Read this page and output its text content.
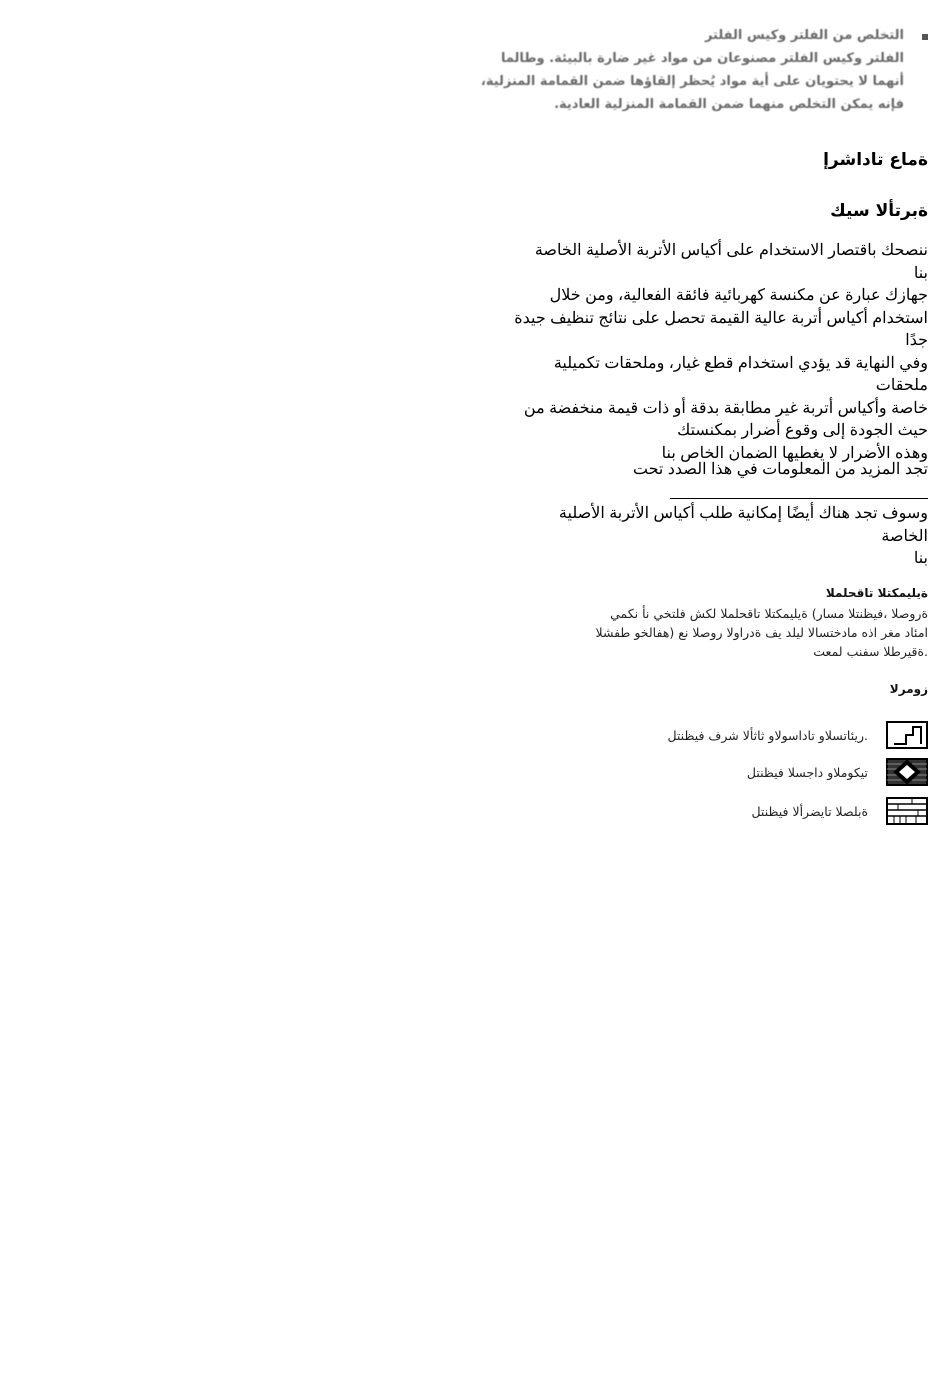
التخلص من الفلتر وكيس الفلتر
الفلتر وكيس الفلتر مصنوعان من مواد غير ضارة بالبيئة. وطالما
أنهما لا يحتويان على أية مواد يُحظر إلقاؤها ضمن القمامة المنزلية،
فإنه يمكن التخلص منهما ضمن القمامة المنزلية العادية.
ةماع تاداشرإ
ةبرتألا سيك

ننصحك باقتصار الاستخدام على أكياس الأتربة الأصلية الخاصة

بنا

جهازك عبارة عن مكنسة كهربائية فائقة الفعالية، ومن خلال

استخدام أكياس أتربة عالية القيمة تحصل على نتائج تنظيف جيدة

جدًا

وفي النهاية قد يؤدي استخدام قطع غيار، وملحقات تكميلية ملحقات

خاصة وأكياس أتربة غير مطابقة بدقة أو ذات قيمة منخفضة من

حيث الجودة إلى وقوع أضرار بمكنستك

وهذه الأضرار لا يغطيها الضمان الخاص بنا

تجد المزيد من المعلومات في هذا الصدد تحت

وسوف تجد هناك أيضًا إمكانية طلب أكياس الأتربة الأصلية الخاصة

بنا

ةيليمكتلا تاقحلملا
ةروصلا ،فيظنتلا مسار) ةيليمكتلا تاقحلملا لكش فلتخي نأ نكمي
امئاد مغر اذه مادختسالا ليلد يف ةدراولا روصلا نع (هفالخو طفشلا
.ةقيرطلا سفنب لمعت
زومرلا
.ريئاتسلاو تاداسولاو ثاثألا شرف فيظنتل
تيكوملاو داجسلا فيظنتل
ةبلصلا تايضرألا فيظنتل
